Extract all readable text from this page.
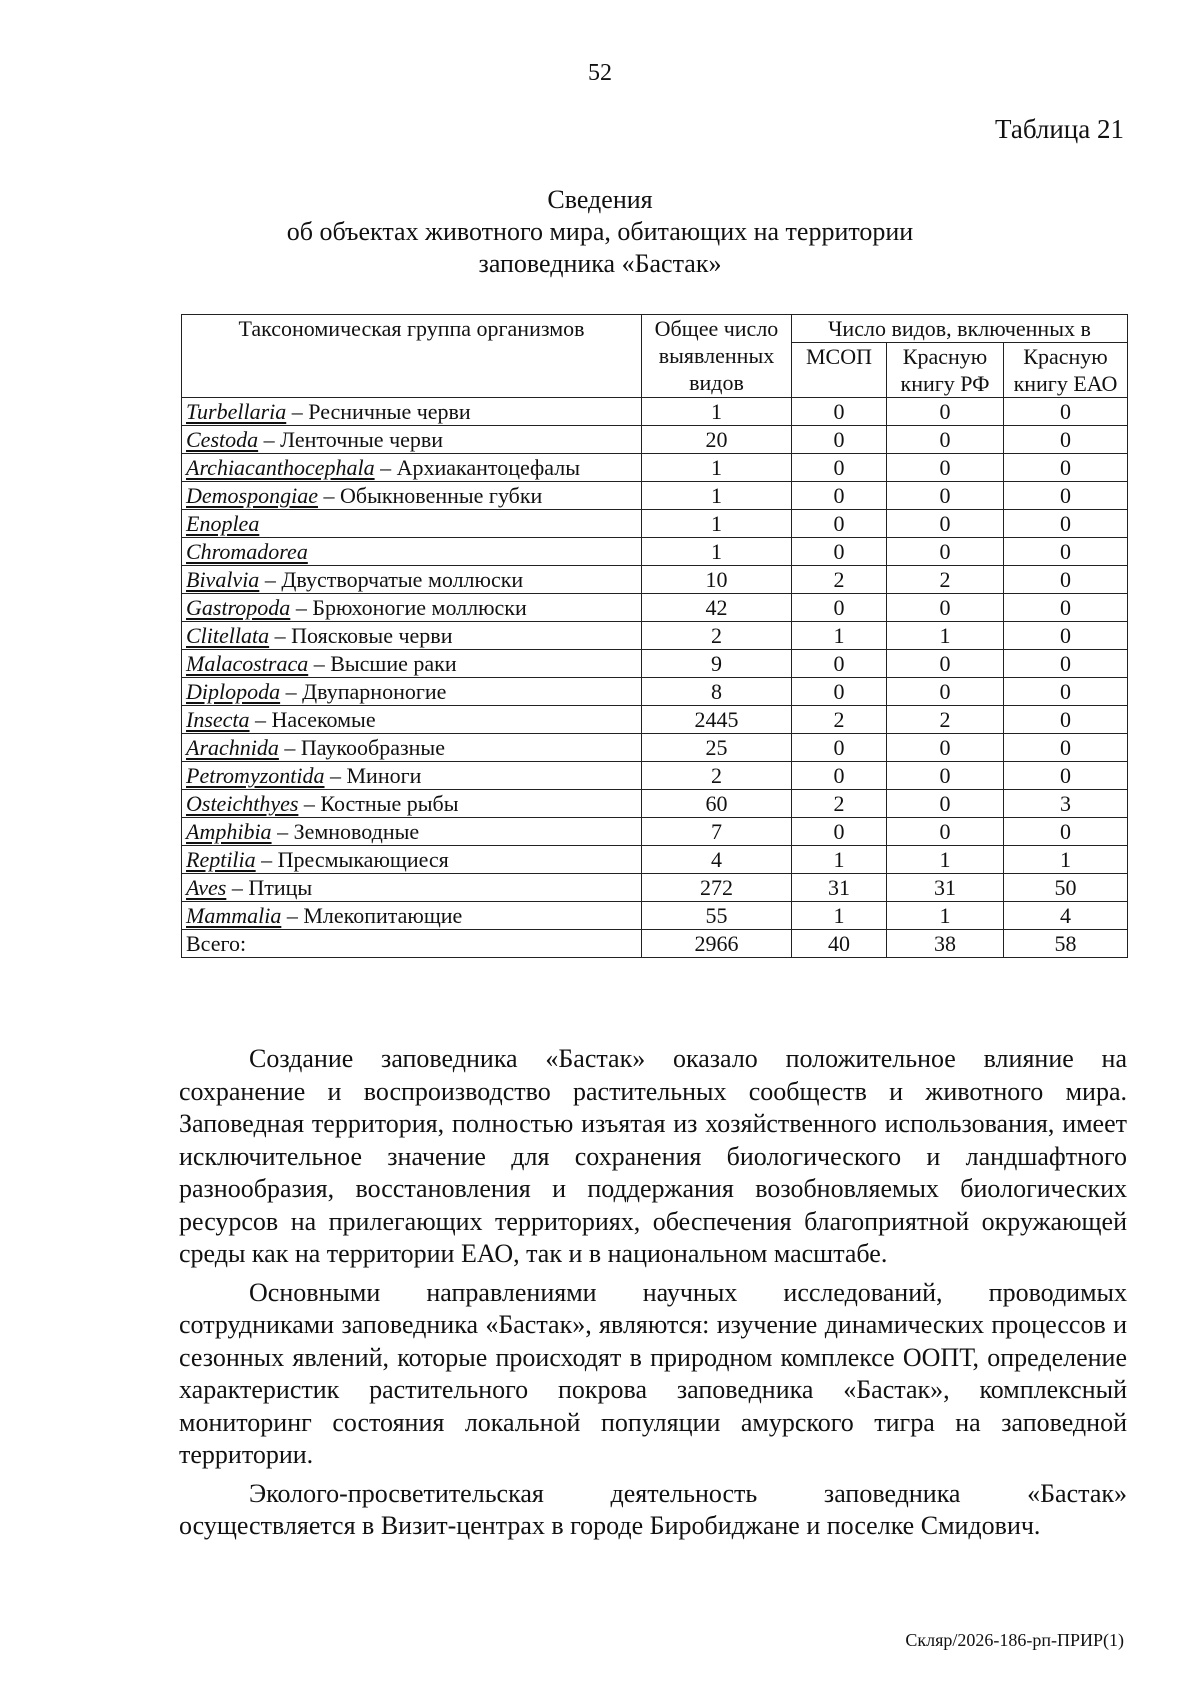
52
Таблица 21
Сведения
об объектах животного мира, обитающих на территории
заповедника «Бастак»
Таксономическая группа организмов	Общее число выявленных видов	Число видов, включенных в		
		МСОП	Красную книгу РФ	Красную книгу ЕАО
Turbellaria – Ресничные черви	1	0	0	0
Cestoda – Ленточные черви	20	0	0	0
Archiacanthocephala – Архиакантоцефалы	1	0	0	0
Demospongiae – Обыкновенные губки	1	0	0	0
Enoplea	1	0	0	0
Chromadorea	1	0	0	0
Bivalvia – Двустворчатые моллюски	10	2	2	0
Gastropoda – Брюхоногие моллюски	42	0	0	0
Clitellata – Поясковые черви	2	1	1	0
Malacostraca – Высшие раки	9	0	0	0
Diplopoda – Двупарноногие	8	0	0	0
Insecta – Насекомые	2445	2	2	0
Arachnida – Паукообразные	25	0	0	0
Petromyzontida – Миноги	2	0	0	0
Osteichthyes – Костные рыбы	60	2	0	3
Amphibia – Земноводные	7	0	0	0
Reptilia – Пресмыкающиеся	4	1	1	1
Aves – Птицы	272	31	31	50
Mammalia – Млекопитающие	55	1	1	4
Всего:	2966	40	38	58

Создание заповедника «Бастак» оказало положительное влияние на сохранение и воспроизводство растительных сообществ и животного мира. Заповедная территория, полностью изъятая из хозяйственного использования, имеет исключительное значение для сохранения биологического и ландшафтного разнообразия, восстановления и поддержания возобновляемых биологических ресурсов на прилегающих территориях, обеспечения благоприятной окружающей среды как на территории ЕАО, так и в национальном масштабе.

Основными направлениями научных исследований, проводимых сотрудниками заповедника «Бастак», являются: изучение динамических процессов и сезонных явлений, которые происходят в природном комплексе ООПТ, определение характеристик растительного покрова заповедника «Бастак», комплексный мониторинг состояния локальной популяции амурского тигра на заповедной территории.

Эколого-просветительская деятельность заповедника «Бастак» осуществляется в Визит-центрах в городе Биробиджане и поселке Смидович.

Скляр/2026-186-рп-ПРИР(1)
